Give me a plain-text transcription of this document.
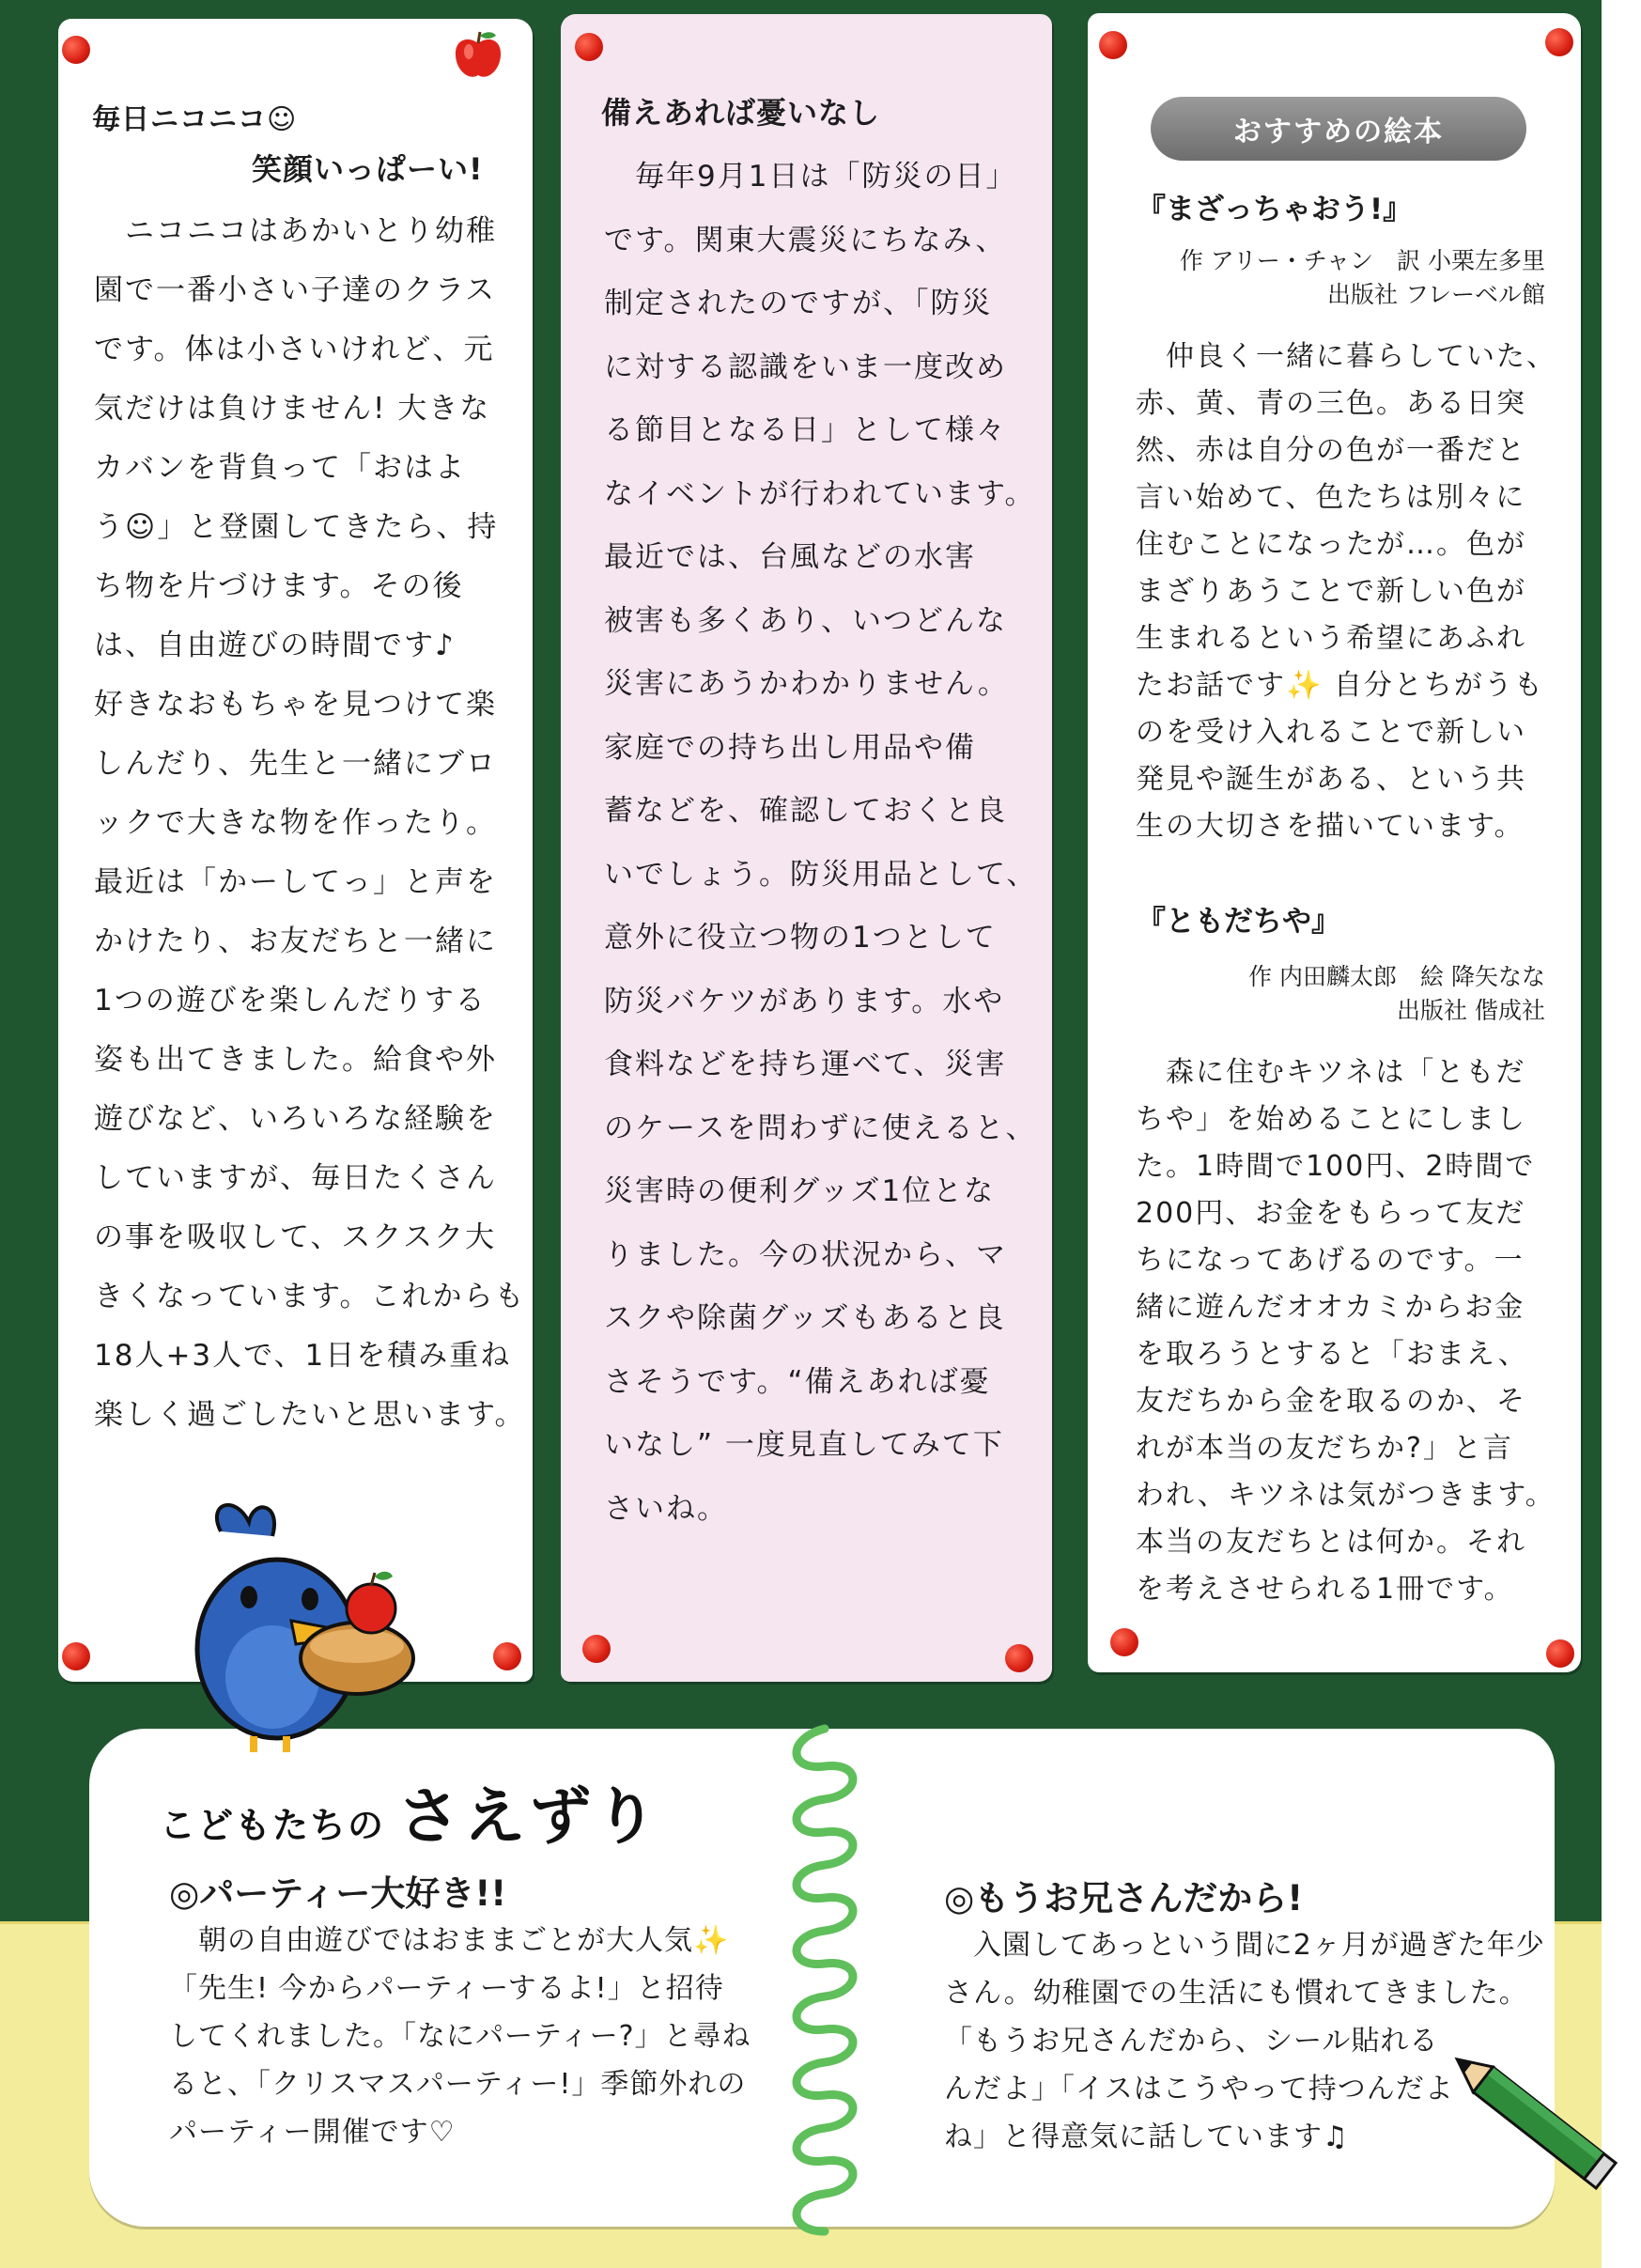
毎日ニコニコ☺
笑顔いっぱーい!
　ニコニコはあかいとり幼稚
園で一番小さい子達のクラス
です。体は小さいけれど、元
気だけは負けません! 大きな
カバンを背負って「おはよ
う☺」と登園してきたら、持
ち物を片づけます。その後
は、自由遊びの時間です♪
好きなおもちゃを見つけて楽
しんだり、先生と一緒にブロ
ックで大きな物を作ったり。
最近は「かーしてっ」と声を
かけたり、お友だちと一緒に
1つの遊びを楽しんだりする
姿も出てきました。給食や外
遊びなど、いろいろな経験を
していますが、毎日たくさん
の事を吸収して、スクスク大
きくなっています。これからも
18人+3人で、1日を積み重ね
楽しく過ごしたいと思います。
備えあれば憂いなし
　毎年9月1日は「防災の日」
です。関東大震災にちなみ、
制定されたのですが、「防災
に対する認識をいま一度改め
る節目となる日」として様々
なイベントが行われています。
最近では、台風などの水害
被害も多くあり、いつどんな
災害にあうかわかりません。
家庭での持ち出し用品や備
蓄などを、確認しておくと良
いでしょう。防災用品として、
意外に役立つ物の1つとして
防災バケツがあります。水や
食料などを持ち運べて、災害
のケースを問わずに使えると、
災害時の便利グッズ1位とな
りました。今の状況から、マ
スクや除菌グッズもあると良
さそうです。“備えあれば憂
いなし” 一度見直してみて下
さいね。
おすすめの絵本
『まざっちゃおう!』
作 アリー・チャン　訳 小栗左多里
出版社 フレーベル館
　仲良く一緒に暮らしていた、
赤、黄、青の三色。ある日突
然、赤は自分の色が一番だと
言い始めて、色たちは別々に
住むことになったが…。色が
まざりあうことで新しい色が
生まれるという希望にあふれ
たお話です✨ 自分とちがうも
のを受け入れることで新しい
発見や誕生がある、という共
生の大切さを描いています。
『ともだちや』
作 内田麟太郎　絵 降矢なな
出版社 偕成社
　森に住むキツネは「ともだ
ちや」を始めることにしまし
た。1時間で100円、2時間で
200円、お金をもらって友だ
ちになってあげるのです。一
緒に遊んだオオカミからお金
を取ろうとすると「おまえ、
友だちから金を取るのか、そ
れが本当の友だちか?」と言
われ、キツネは気がつきます。
本当の友だちとは何か。それ
を考えさせられる1冊です。
こどもたちの さえずり
◎パーティー大好き!!
　朝の自由遊びではおままごとが大人気✨
「先生! 今からパーティーするよ!」と招待
してくれました。「なにパーティー?」と尋ね
ると、「クリスマスパーティー!」季節外れの
パーティー開催です♡
◎もうお兄さんだから!
　入園してあっという間に2ヶ月が過ぎた年少
さん。幼稚園での生活にも慣れてきました。
「もうお兄さんだから、シール貼れる
んだよ」「イスはこうやって持つんだよ
ね」と得意気に話しています♫
